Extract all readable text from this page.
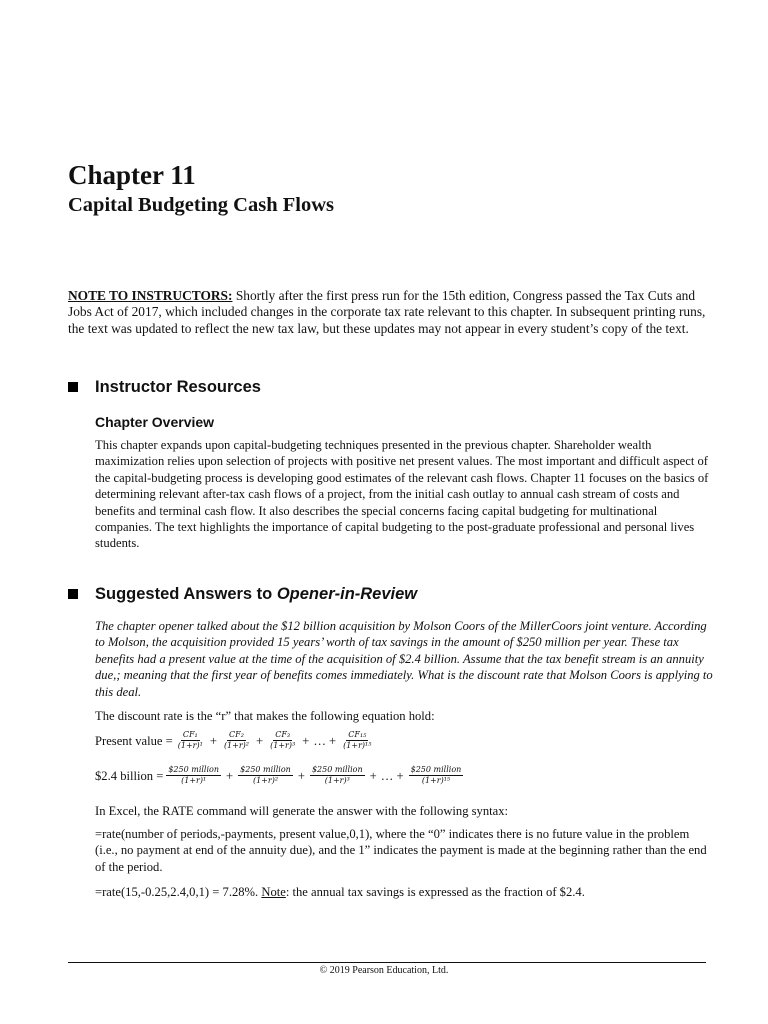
Chapter 11
Capital Budgeting Cash Flows

NOTE TO INSTRUCTORS: Shortly after the first press run for the 15th edition, Congress passed the Tax Cuts and Jobs Act of 2017, which included changes in the corporate tax rate relevant to this chapter. In subsequent printing runs, the text was updated to reflect the new tax law, but these updates may not appear in every student’s copy of the text.

Instructor Resources
Chapter Overview

This chapter expands upon capital-budgeting techniques presented in the previous chapter. Shareholder wealth maximization relies upon selection of projects with positive net present values. The most important and difficult aspect of the capital-budgeting process is developing good estimates of the relevant cash flows. Chapter 11 focuses on the basics of determining relevant after-tax cash flows of a project, from the initial cash outlay to annual cash stream of costs and benefits and terminal cash flow. It also describes the special concerns facing capital budgeting for multinational companies. The text highlights the importance of capital budgeting to the post-graduate professional and personal lives students.

Suggested Answers to Opener-in-Review

The chapter opener talked about the $12 billion acquisition by Molson Coors of the MillerCoors joint venture. According to Molson, the acquisition provided 15 years’ worth of tax savings in the amount of $250 million per year. These tax benefits had a present value at the time of the acquisition of $2.4 billion. Assume that the tax benefit stream is an annuity due,; meaning that the first year of benefits comes immediately. What is the discount rate that Molson Coors is applying to this deal.

The discount rate is the “r” that makes the following equation hold:

Present value = $\frac{\text{CF₁}}{\text{(1+r)¹}} + \frac{\text{CF₂}}{\text{(1+r)²}} + \frac{\text{CF₃}}{\text{(1+r)³}}$ + … + $\frac{\text{CF₁₅}}{\text{(1+r)¹⁵}}$
$2.4 billion = $\frac{\text{\$250 million}}{\text{(1+r)¹}} + \frac{\text{\$250 million}}{\text{(1+r)²}} + \frac{\text{\$250 million}}{\text{(1+r)³}}$ + … + $\frac{\text{\$250 million}}{\text{(1+r)¹⁵}}$

In Excel, the RATE command will generate the answer with the following syntax:

=rate(number of periods,-payments, present value,0,1), where the “0” indicates there is no future value in the problem (i.e., no payment at end of the annuity due), and the 1” indicates the payment is made at the beginning rather than the end of the period.

=rate(15,-0.25,2.4,0,1) = 7.28%. Note: the annual tax savings is expressed as the fraction of $2.4.

© 2019 Pearson Education, Ltd.
